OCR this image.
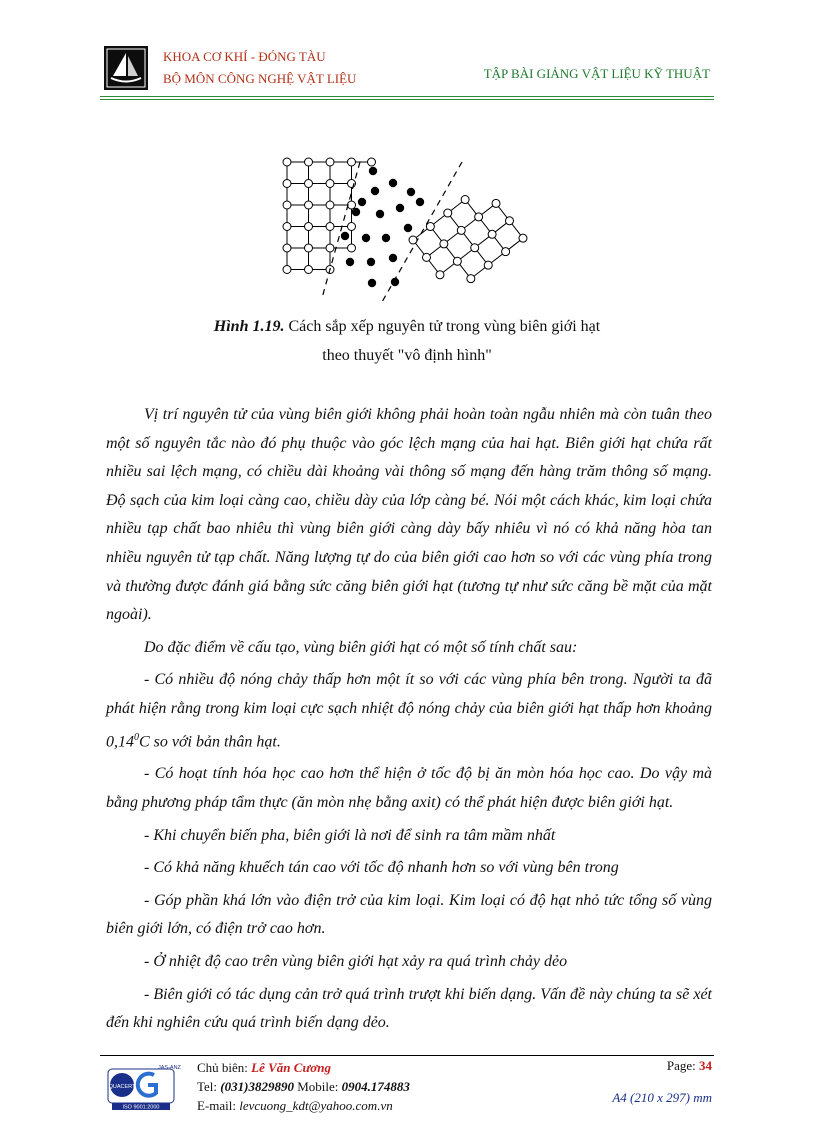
KHOA CƠ KHÍ - ĐÓNG TÀU
BỘ MÔN CÔNG NGHỆ VẬT LIỆU	TẬP BÀI GIẢNG VẬT LIỆU KỸ THUẬT
Hình 1.19. Cách sắp xếp nguyên tử trong vùng biên giới hạt
theo thuyết "vô định hình"

Vị trí nguyên tử của vùng biên giới không phải hoàn toàn ngẫu nhiên mà còn tuân theo một số nguyên tắc nào đó phụ thuộc vào góc lệch mạng của hai hạt. Biên giới hạt chứa rất nhiều sai lệch mạng, có chiều dài khoảng vài thông số mạng đến hàng trăm thông số mạng. Độ sạch của kim loại càng cao, chiều dày của lớp càng bé. Nói một cách khác, kim loại chứa nhiều tạp chất bao nhiêu thì vùng biên giới càng dày bấy nhiêu vì nó có khả năng hòa tan nhiều nguyên tử tạp chất. Năng lượng tự do của biên giới cao hơn so với các vùng phía trong và thường được đánh giá bằng sức căng biên giới hạt (tương tự như sức căng bề mặt của mặt ngoài).

Do đặc điểm về cấu tạo, vùng biên giới hạt có một số tính chất sau:

- Có nhiều độ nóng chảy thấp hơn một ít so với các vùng phía bên trong. Người ta đã phát hiện rằng trong kim loại cực sạch nhiệt độ nóng chảy của biên giới hạt thấp hơn khoảng 0,14$^0$C so với bản thân hạt.

- Có hoạt tính hóa học cao hơn thể hiện ở tốc độ bị ăn mòn hóa học cao. Do vậy mà bằng phương pháp tẩm thực (ăn mòn nhẹ bằng axit) có thể phát hiện được biên giới hạt.

- Khi chuyển biến pha, biên giới là nơi để sinh ra tâm mầm nhất

- Có khả năng khuếch tán cao với tốc độ nhanh hơn so với vùng bên trong

- Góp phần khá lớn vào điện trở của kim loại. Kim loại có độ hạt nhỏ tức tổng số vùng biên giới lớn, có điện trở cao hơn.

- Ở nhiệt độ cao trên vùng biên giới hạt xảy ra quá trình chảy dẻo

- Biên giới có tác dụng cản trở quá trình trượt khi biến dạng. Vấn đề này chúng ta sẽ xét đến khi nghiên cứu quá trình biến dạng dẻo.

QUACERT
JAS-ANZ
ISO 9001:2000
Chủ biên: Lê Văn Cương
Tel: (031)3829890 Mobile: 0904.174883
E-mail: levcuong_kdt@yahoo.com.vn
Page: 34
A4 (210 x 297) mm
